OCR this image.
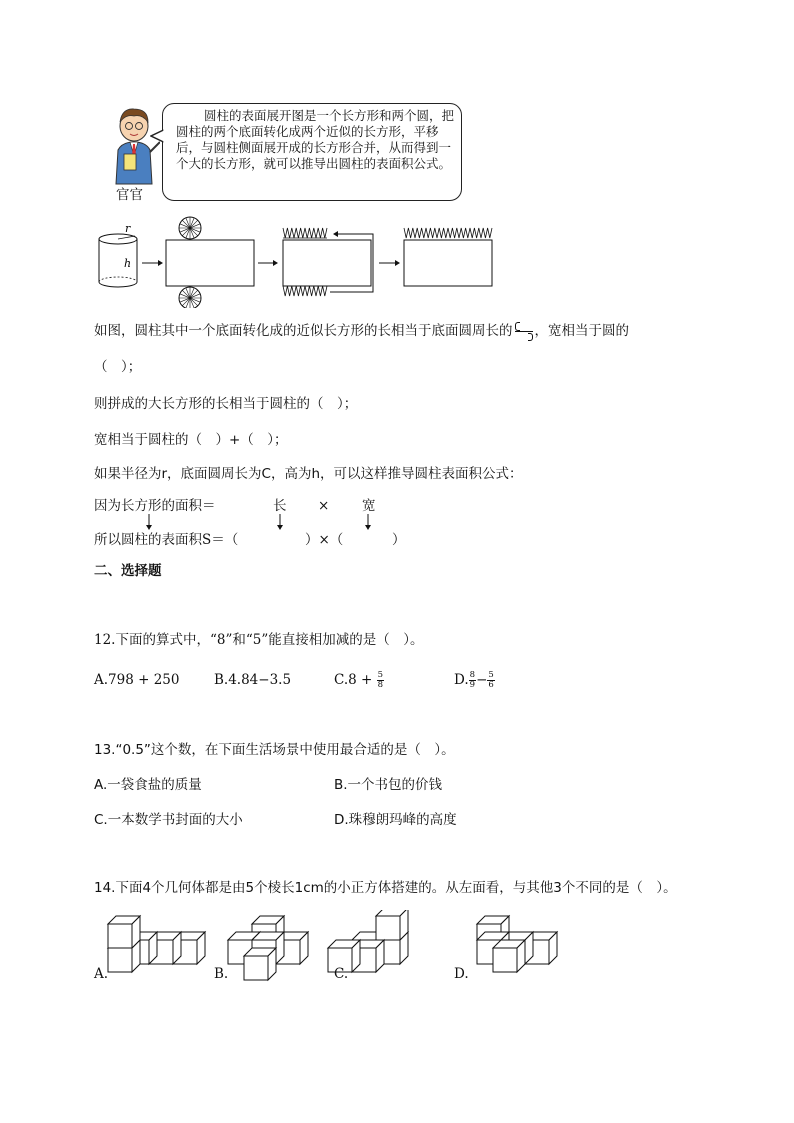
官官
圆柱的表面展开图是一个长方形和两个圆，把圆柱的两个底面转化成两个近似的长方形，平移后，与圆柱侧面展开成的长方形合并，从而得到一个大的长方形，就可以推导出圆柱的表面积公式。
r
h
如图，圆柱其中一个底面转化成的近似长方形的长相当于底面圆周长的 ，宽相当于圆的
（　）；
则拼成的大长方形的长相当于圆柱的（　）；
宽相当于圆柱的（　）+（　）；
如果半径为r，底面圆周长为C，高为h，可以这样推导圆柱表面积公式：
因为长方形的面积＝	长 × 宽
所以圆柱的表面积S＝（	）×（	）
二、选择题
12.下面的算式中，“8”和“5”能直接相加减的是（　）。
A.798 + 250	B.4.84−3.5	$C.8 + \frac{5}{8}$	D. $\frac{8}{9} - \frac{5}{6}$
13.“0.5”这个数，在下面生活场景中使用最合适的是（　）。
A.一袋食盐的质量	B.一个书包的价钱
C.一本数学书封面的大小	D.珠穆朗玛峰的高度
14.下面4个几何体都是由5个棱长1cm的小正方体搭建的。从左面看，与其他3个不同的是（　）。
A.	B.	C.	D.
